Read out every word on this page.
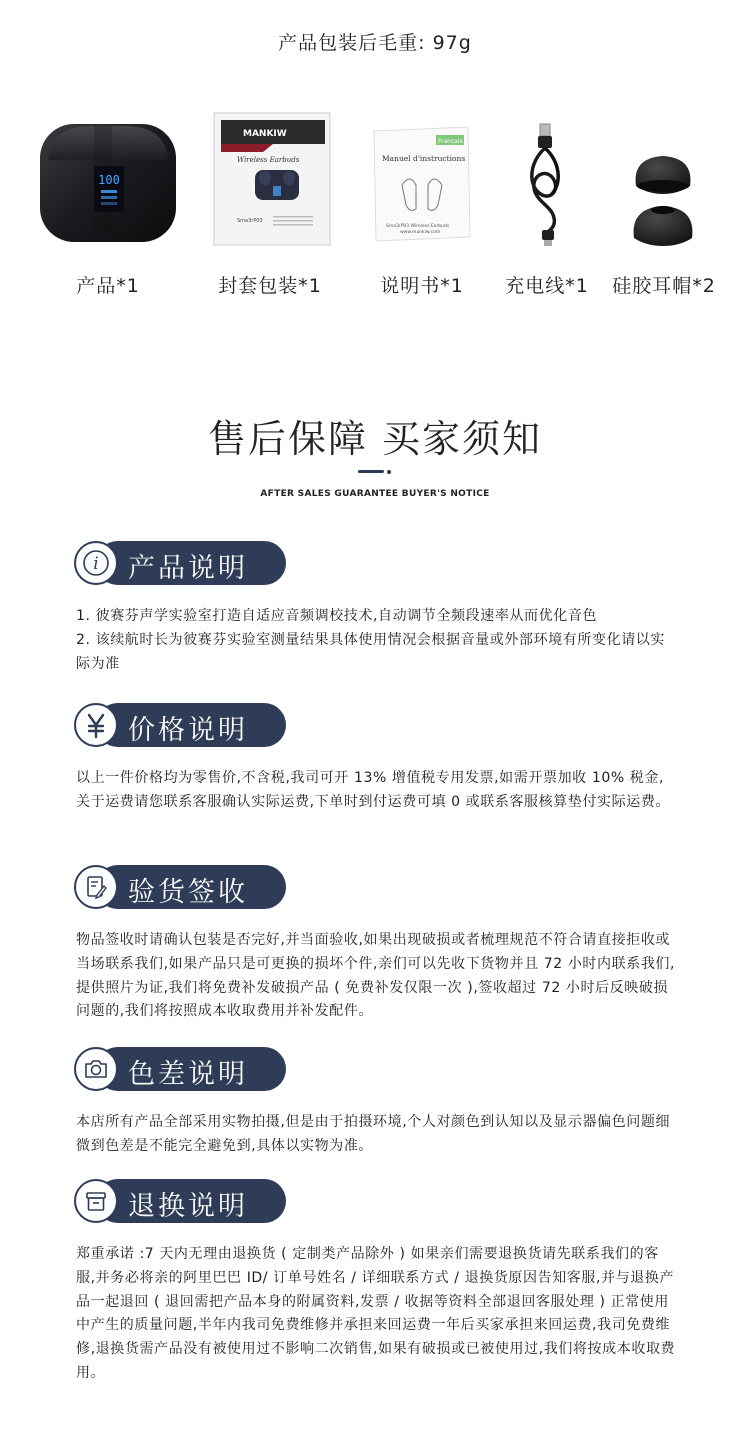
产品包装后毛重: 97g
100
MANKIW
Wireless Earbuds
Sma3rP03
Français
Manuel d'instructions
Sma3rP03 Wireless Earbuds
www.mankiw.com
产品*1	封套包装*1	说明书*1	充电线*1	硅胶耳帽*2
售后保障 买家须知
AFTER SALES GUARANTEE BUYER'S NOTICE
产品说明
i

1. 彼赛芬声学实验室打造自适应音频调校技术,自动调节全频段速率从而优化音色

2. 该续航时长为彼赛芬实验室测量结果具体使用情况会根据音量或外部环境有所变化请以实际为准

价格说明

以上一件价格均为零售价,不含税,我司可开 13% 增值税专用发票,如需开票加收 10% 税金,关于运费请您联系客服确认实际运费,下单时到付运费可填 0 或联系客服核算垫付实际运费。

验货签收

物品签收时请确认包装是否完好,并当面验收,如果出现破损或者梳理规范不符合请直接拒收或当场联系我们,如果产品只是可更换的损坏个件,亲们可以先收下货物并且 72 小时内联系我们,提供照片为证,我们将免费补发破损产品 ( 免费补发仅限一次 ),签收超过 72 小时后反映破损问题的,我们将按照成本收取费用并补发配件。

色差说明

本店所有产品全部采用实物拍摄,但是由于拍摄环境,个人对颜色到认知以及显示器偏色问题细微到色差是不能完全避免到,具体以实物为准。

退换说明

郑重承诺 :7 天内无理由退换货 ( 定制类产品除外 ) 如果亲们需要退换货请先联系我们的客服,并务必将亲的阿里巴巴 ID/ 订单号姓名 / 详细联系方式 / 退换货原因告知客服,并与退换产品一起退回 ( 退回需把产品本身的附属资料,发票 / 收据等资料全部退回客服处理 ) 正常使用中产生的质量问题,半年内我司免费维修并承担来回运费一年后买家承担来回运费,我司免费维修,退换货需产品没有被使用过不影响二次销售,如果有破损或已被使用过,我们将按成本收取费用。
